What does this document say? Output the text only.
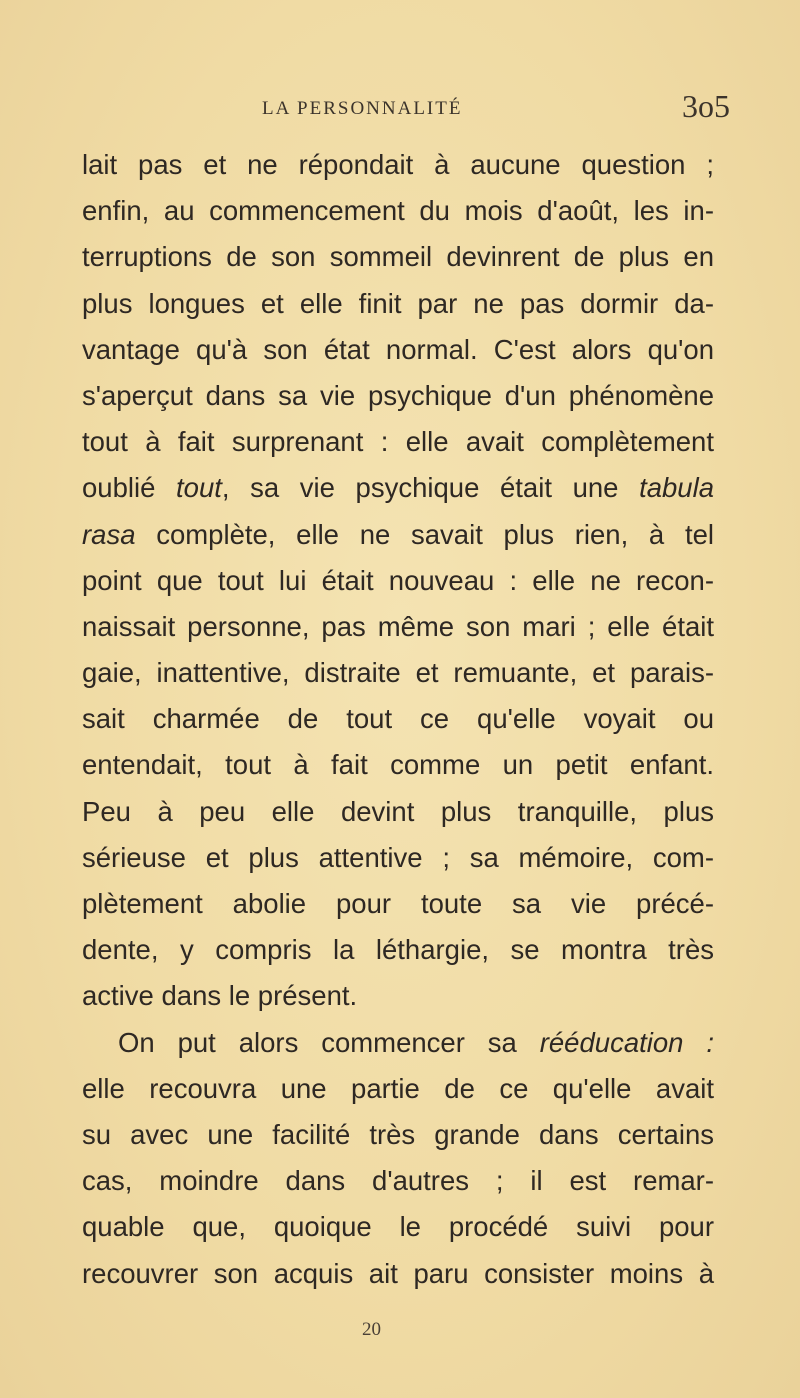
LA PERSONNALITÉ	3o5
lait pas et ne répondait à aucune question ;
enfin, au commencement du mois d'août, les in-
terruptions de son sommeil devinrent de plus en
plus longues et elle finit par ne pas dormir da-
vantage qu'à son état normal. C'est alors qu'on
s'aperçut dans sa vie psychique d'un phénomène
tout à fait surprenant : elle avait complètement
oublié tout, sa vie psychique était une tabula
rasa complète, elle ne savait plus rien, à tel
point que tout lui était nouveau : elle ne recon-
naissait personne, pas même son mari ; elle était
gaie, inattentive, distraite et remuante, et parais-
sait charmée de tout ce qu'elle voyait ou
entendait, tout à fait comme un petit enfant.
Peu à peu elle devint plus tranquille, plus
sérieuse et plus attentive ; sa mémoire, com-
plètement abolie pour toute sa vie précé-
dente, y compris la léthargie, se montra très
active dans le présent.
On put alors commencer sa rééducation :
elle recouvra une partie de ce qu'elle avait
su avec une facilité très grande dans certains
cas, moindre dans d'autres ; il est remar-
quable que, quoique le procédé suivi pour
recouvrer son acquis ait paru consister moins à
20
